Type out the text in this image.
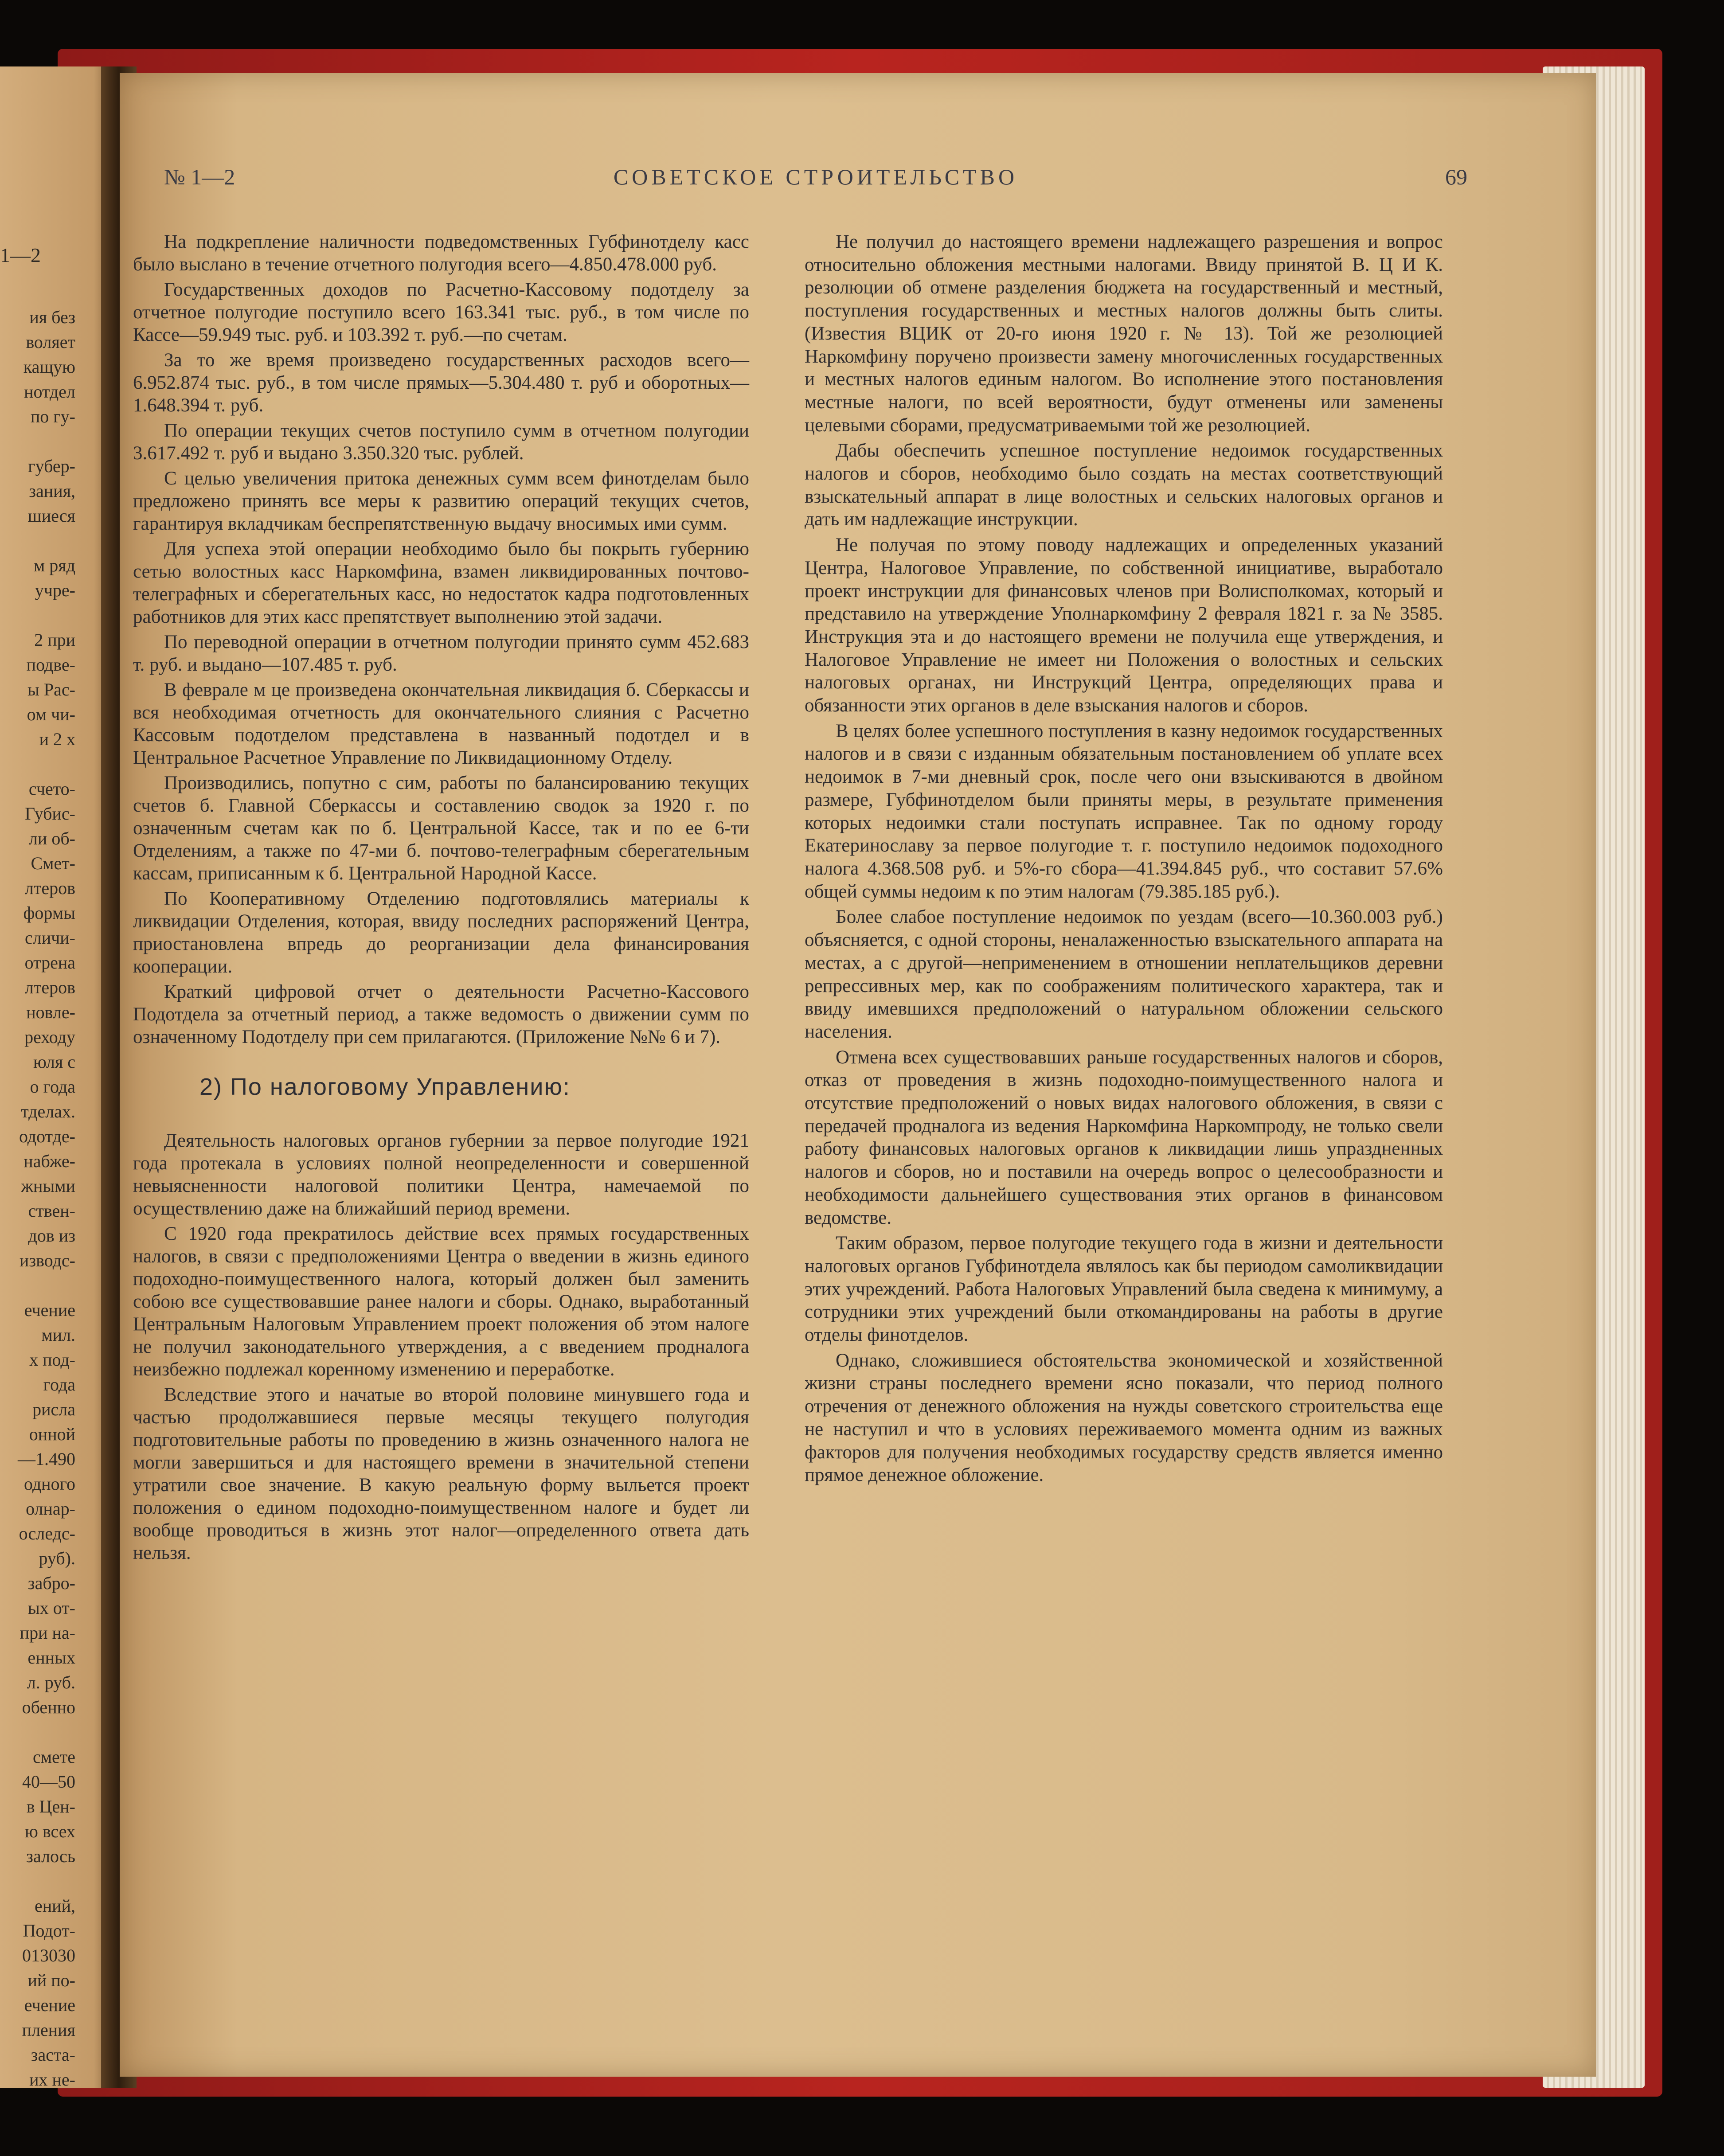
1—2
ия без
воляет
кащую
нотдел
по гу-
губер-
зания,
шиеся
м ряд
учре-
2 при
подве-
ы Рас-
ом чи-
и 2 х
счето-
Губис-
ли об-
Смет-
лтеров
формы
сличи-
отрена
лтеров
новле-
реходу
юля с
о года
тделах.
одотде-
набже-
жными
ствен-
дов из
изводс-
ечение
мил.
х под-
года
рисла
онной
—1.490
одного
олнар-
оследс-
руб).
забро-
ых от-
при на-
енных
л. руб.
обенно
смете
40—50
в Цен-
ю всех
залось
ений,
Подот-
013030
ий по-
ечение
пления
заста-
их не-
№ 1—2	СОВЕТСКОЕ СТРОИТЕЛЬСТВО	69

На подкрепление наличности подведомственных Губфинотделу касс было выслано в течение отчетного полугодия всего—4.850.478.000 руб.

Государственных доходов по Расчетно-Кассовому подотделу за отчетное полугодие поступило всего 163.341 тыс. руб., в том числе по Кассе—59.949 тыс. руб. и 103.392 т. руб.—по счетам.

За то же время произведено государственных расходов всего—6.952.874 тыс. руб., в том числе прямых—5.304.480 т. руб и оборотных—1.648.394 т. руб.

По операции текущих счетов поступило сумм в отчетном полугодии 3.617.492 т. руб и выдано 3.350.320 тыс. рублей.

С целью увеличения притока денежных сумм всем финотделам было предложено принять все меры к развитию операций текущих счетов, гарантируя вкладчикам беспрепятственную выдачу вносимых ими сумм.

Для успеха этой операции необходимо было бы покрыть губернию сетью волостных касс Наркомфина, взамен ликвидированных почтово-телеграфных и сберегательных касс, но недостаток кадра подготовленных работников для этих касс препятствует выполнению этой задачи.

По переводной операции в отчетном полугодии принято сумм 452.683 т. руб. и выдано—107.485 т. руб.

В феврале м це произведена окончательная ликвидация б. Сберкассы и вся необходимая отчетность для окончательного слияния с Расчетно Кассовым подотделом представлена в названный подотдел и в Центральное Расчетное Управление по Ликвидационному Отделу.

Производились, попутно с сим, работы по балансированию текущих счетов б. Главной Сберкассы и составлению сводок за 1920 г. по означенным счетам как по б. Центральной Кассе, так и по ее 6-ти Отделениям, а также по 47-ми б. почтово-телеграфным сберегательным кассам, приписанным к б. Центральной Народной Кассе.

По Кооперативному Отделению подготовлялись материалы к ликвидации Отделения, которая, ввиду последних распоряжений Центра, приостановлена впредь до реорганизации дела финансирования кооперации.

Краткий цифровой отчет о деятельности Расчетно-Кассового Подотдела за отчетный период, а также ведомость о движении сумм по означенному Подотделу при сем прилагаются. (Приложение №№ 6 и 7).

2) По налоговому Управлению:

Деятельность налоговых органов губернии за первое полугодие 1921 года протекала в условиях полной неопределенности и совершенной невыясненности налоговой политики Центра, намечаемой по осуществлению даже на ближайший период времени.

С 1920 года прекратилось действие всех прямых государственных налогов, в связи с предположениями Центра о введении в жизнь единого подоходно-поимущественного налога, который должен был заменить собою все существовавшие ранее налоги и сборы. Однако, выработанный Центральным Налоговым Управлением проект положения об этом налоге не получил законодательного утверждения, а с введением продналога неизбежно подлежал коренному изменению и переработке.

Вследствие этого и начатые во второй половине минувшего года и частью продолжавшиеся первые месяцы текущего полугодия подготовительные работы по проведению в жизнь означенного налога не могли завершиться и для настоящего времени в значительной степени утратили свое значение. В какую реальную форму выльется проект положения о едином подоходно-поимущественном налоге и будет ли вообще проводиться в жизнь этот налог—определенного ответа дать нельзя.

Не получил до настоящего времени надлежащего разрешения и вопрос относительно обложения местными налогами. Ввиду принятой В. Ц И К. резолюции об отмене разделения бюджета на государственный и местный, поступления государственных и местных налогов должны быть слиты. (Известия ВЦИК от 20-го июня 1920 г. № 13). Той же резолюцией Наркомфину поручено произвести замену многочисленных государственных и местных налогов единым налогом. Во исполнение этого постановления местные налоги, по всей вероятности, будут отменены или заменены целевыми сборами, предусматриваемыми той же резолюцией.

Дабы обеспечить успешное поступление недоимок государственных налогов и сборов, необходимо было создать на местах соответствующий взыскательный аппарат в лице волостных и сельских налоговых органов и дать им надлежащие инструкции.

Не получая по этому поводу надлежащих и определенных указаний Центра, Налоговое Управление, по собственной инициативе, выработало проект инструкции для финансовых членов при Волисполкомах, который и представило на утверждение Уполнаркомфину 2 февраля 1821 г. за № 3585. Инструкция эта и до настоящего времени не получила еще утверждения, и Налоговое Управление не имеет ни Положения о волостных и сельских налоговых органах, ни Инструкций Центра, определяющих права и обязанности этих органов в деле взыскания налогов и сборов.

В целях более успешного поступления в казну недоимок государственных налогов и в связи с изданным обязательным постановлением об уплате всех недоимок в 7-ми дневный срок, после чего они взыскиваются в двойном размере, Губфинотделом были приняты меры, в результате применения которых недоимки стали поступать исправнее. Так по одному городу Екатеринославу за первое полугодие т. г. поступило недоимок подоходного налога 4.368.508 руб. и 5%-го сбора—41.394.845 руб., что составит 57.6% общей суммы недоим к по этим налогам (79.385.185 руб.).

Более слабое поступление недоимок по уездам (всего—10.360.003 руб.) объясняется, с одной стороны, неналаженностью взыскательного аппарата на местах, а с другой—неприменением в отношении неплательщиков деревни репрессивных мер, как по соображениям политического характера, так и ввиду имевшихся предположений о натуральном обложении сельского населения.

Отмена всех существовавших раньше государственных налогов и сборов, отказ от проведения в жизнь подоходно-поимущественного налога и отсутствие предположений о новых видах налогового обложения, в связи с передачей продналога из ведения Наркомфина Наркомпроду, не только свели работу финансовых налоговых органов к ликвидации лишь упраздненных налогов и сборов, но и поставили на очередь вопрос о целесообразности и необходимости дальнейшего существования этих органов в финансовом ведомстве.

Таким образом, первое полугодие текущего года в жизни и деятельности налоговых органов Губфинотдела являлось как бы периодом самоликвидации этих учреждений. Работа Налоговых Управлений была сведена к минимуму, а сотрудники этих учреждений были откомандированы на работы в другие отделы финотделов.

Однако, сложившиеся обстоятельства экономической и хозяйственной жизни страны последнего времени ясно показали, что период полного отречения от денежного обложения на нужды советского строительства еще не наступил и что в условиях переживаемого момента одним из важных факторов для получения необходимых государству средств является именно прямое денежное обложение.
